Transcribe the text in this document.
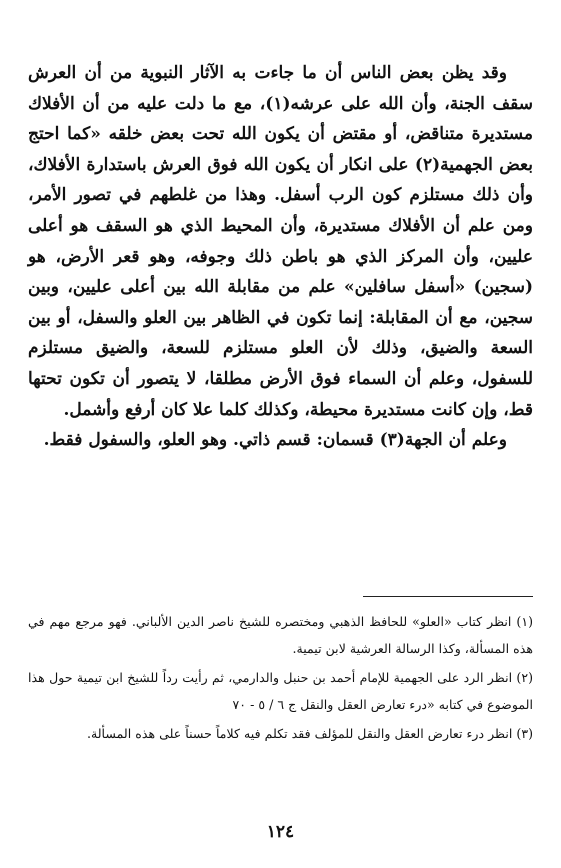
وقد يظن بعض الناس أن ما جاءت به الآثار النبوية من أن العرش سقف الجنة، وأن الله على عرشه(١)، مع ما دلت عليه من أن الأفلاك مستديرة متناقض، أو مقتض أن يكون الله تحت بعض خلقه «كما احتج بعض الجهمية(٢) على انكار أن يكون الله فوق العرش باستدارة الأفلاك، وأن ذلك مستلزم كون الرب أسفل. وهذا من غلطهم في تصور الأمر، ومن علم أن الأفلاك مستديرة، وأن المحيط الذي هو السقف هو أعلى عليين، وأن المركز الذي هو باطن ذلك وجوفه، وهو قعر الأرض، هو (سجين) «أسفل سافلين» علم من مقابلة الله بين أعلى عليين، وبين سجين، مع أن المقابلة: إنما تكون في الظاهر بين العلو والسفل، أو بين السعة والضيق، وذلك لأن العلو مستلزم للسعة، والضيق مستلزم للسفول، وعلم أن السماء فوق الأرض مطلقا، لا يتصور أن تكون تحتها قط، وإن كانت مستديرة محيطة، وكذلك كلما علا كان أرفع وأشمل.

وعلم أن الجهة(٣) قسمان: قسم ذاتي. وهو العلو، والسفول فقط.

(١) انظر كتاب «العلو» للحافظ الذهبي ومختصره للشيخ ناصر الدين الألباني. فهو مرجع مهم في هذه المسألة، وكذا الرسالة العرشية لابن تيمية.

(٢) انظر الرد على الجهمية للإمام أحمد بن حنبل والدارمي، ثم رأيت رداً للشيخ ابن تيمية حول هذا الموضوع في كتابه «درء تعارض العقل والنقل ج ٦ / ٥ - ٧٠

(٣) انظر درء تعارض العقل والنقل للمؤلف فقد تكلم فيه كلاماً حسناً على هذه المسألة.

١٢٤
